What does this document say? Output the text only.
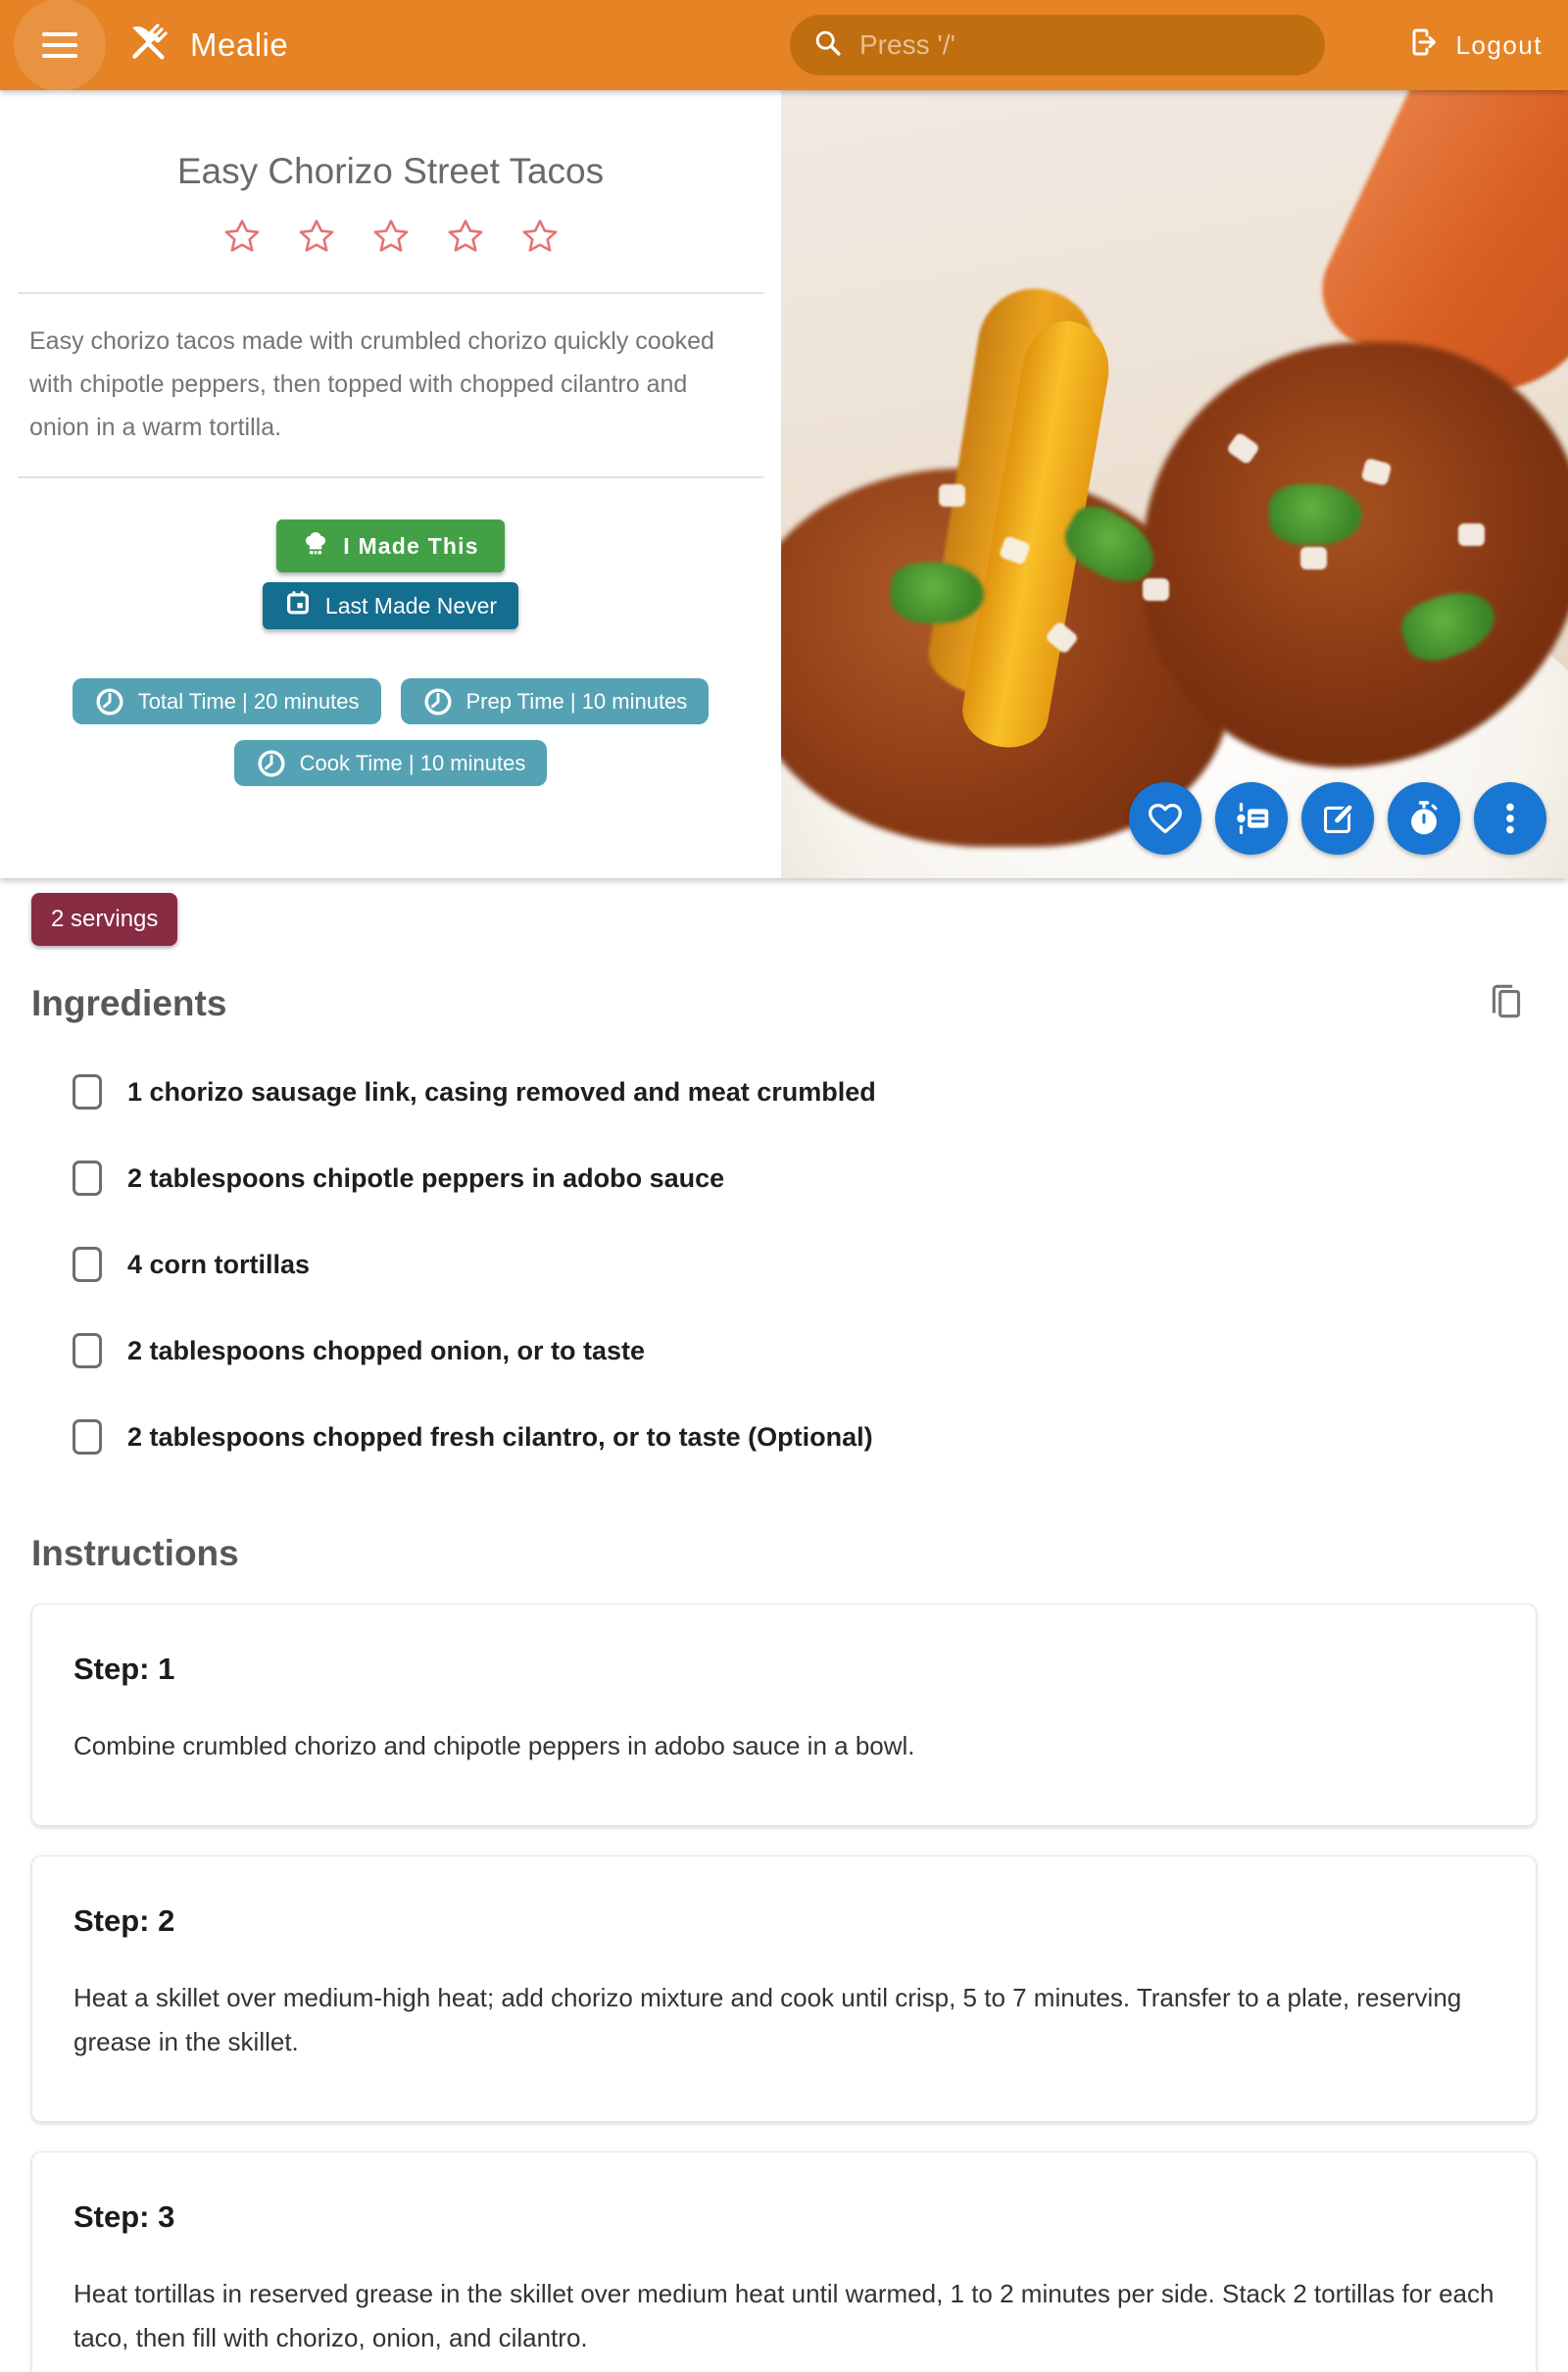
Mealie	Press '/'	Logout
Easy Chorizo Street Tacos

Easy chorizo tacos made with crumbled chorizo quickly cooked with chipotle peppers, then topped with chopped cilantro and onion in a warm tortilla.

I Made This
Last Made Never
Total Time | 20 minutes	Prep Time | 10 minutes
Cook Time | 10 minutes
2 servings
Ingredients
1 chorizo sausage link, casing removed and meat crumbled
2 tablespoons chipotle peppers in adobo sauce
4 corn tortillas
2 tablespoons chopped onion, or to taste
2 tablespoons chopped fresh cilantro, or to taste (Optional)
Instructions
Step: 1
Combine crumbled chorizo and chipotle peppers in adobo sauce in a bowl.
Step: 2
Heat a skillet over medium-high heat; add chorizo mixture and cook until crisp, 5 to 7 minutes. Transfer to a plate, reserving grease in the skillet.
Step: 3
Heat tortillas in reserved grease in the skillet over medium heat until warmed, 1 to 2 minutes per side. Stack 2 tortillas for each taco, then fill with chorizo, onion, and cilantro.
